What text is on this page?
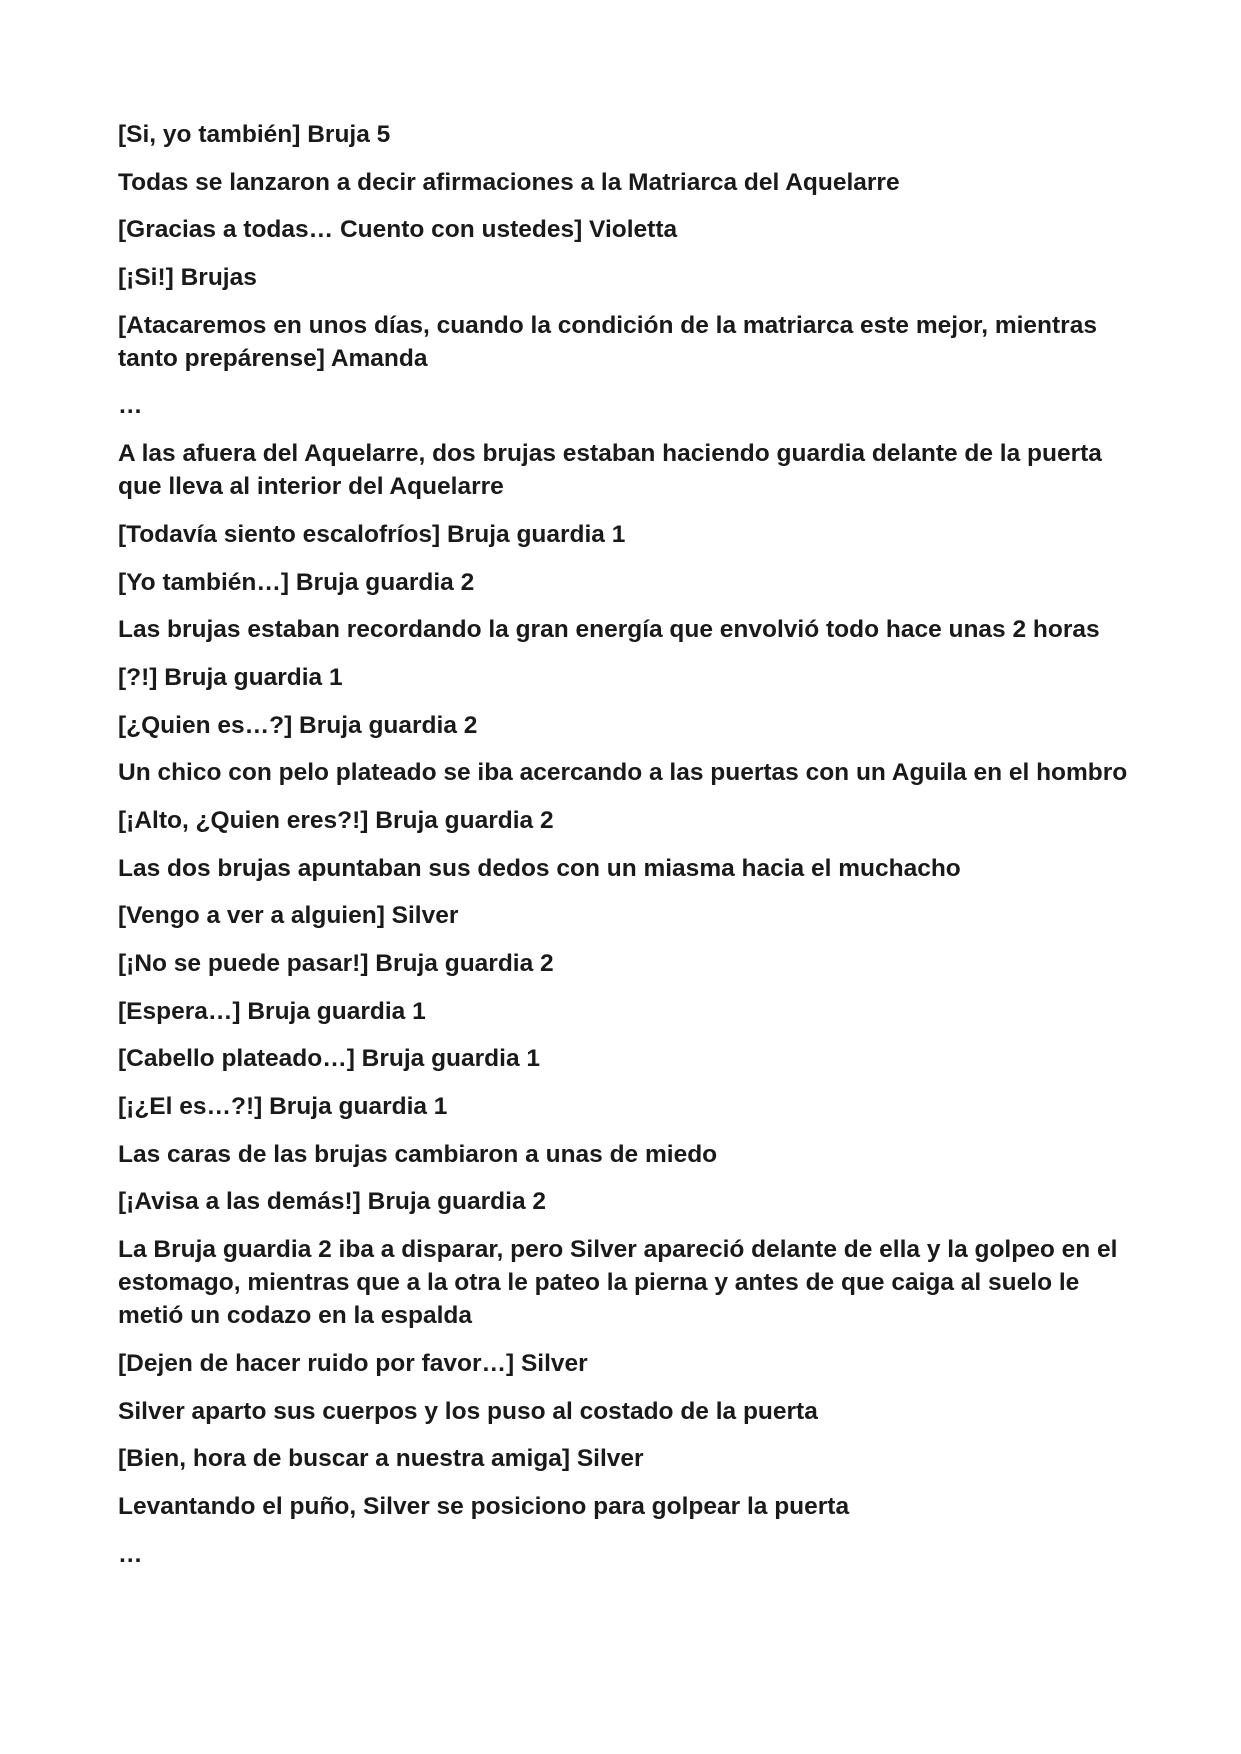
[Si, yo también] Bruja 5

Todas se lanzaron a decir afirmaciones a la Matriarca del Aquelarre

[Gracias a todas… Cuento con ustedes] Violetta

[¡Si!] Brujas

[Atacaremos en unos días, cuando la condición de la matriarca este mejor, mientras tanto prepárense] Amanda

…

A las afuera del Aquelarre, dos brujas estaban haciendo guardia delante de la puerta que lleva al interior del Aquelarre

[Todavía siento escalofríos] Bruja guardia 1

[Yo también…] Bruja guardia 2

Las brujas estaban recordando la gran energía que envolvió todo hace unas 2 horas

[?!] Bruja guardia 1

[¿Quien es…?] Bruja guardia 2

Un chico con pelo plateado se iba acercando a las puertas con un Aguila en el hombro

[¡Alto, ¿Quien eres?!] Bruja guardia 2

Las dos brujas apuntaban sus dedos con un miasma hacia el muchacho

[Vengo a ver a alguien] Silver

[¡No se puede pasar!] Bruja guardia 2

[Espera…] Bruja guardia 1

[Cabello plateado…] Bruja guardia 1

[¡¿El es…?!] Bruja guardia 1

Las caras de las brujas cambiaron a unas de miedo

[¡Avisa a las demás!] Bruja guardia 2

La Bruja guardia 2 iba a disparar, pero Silver apareció delante de ella y la golpeo en el estomago, mientras que a la otra le pateo la pierna y antes de que caiga al suelo le metió un codazo en la espalda

[Dejen de hacer ruido por favor…] Silver

Silver aparto sus cuerpos y los puso al costado de la puerta

[Bien, hora de buscar a nuestra amiga] Silver

Levantando el puño, Silver se posiciono para golpear la puerta

…
